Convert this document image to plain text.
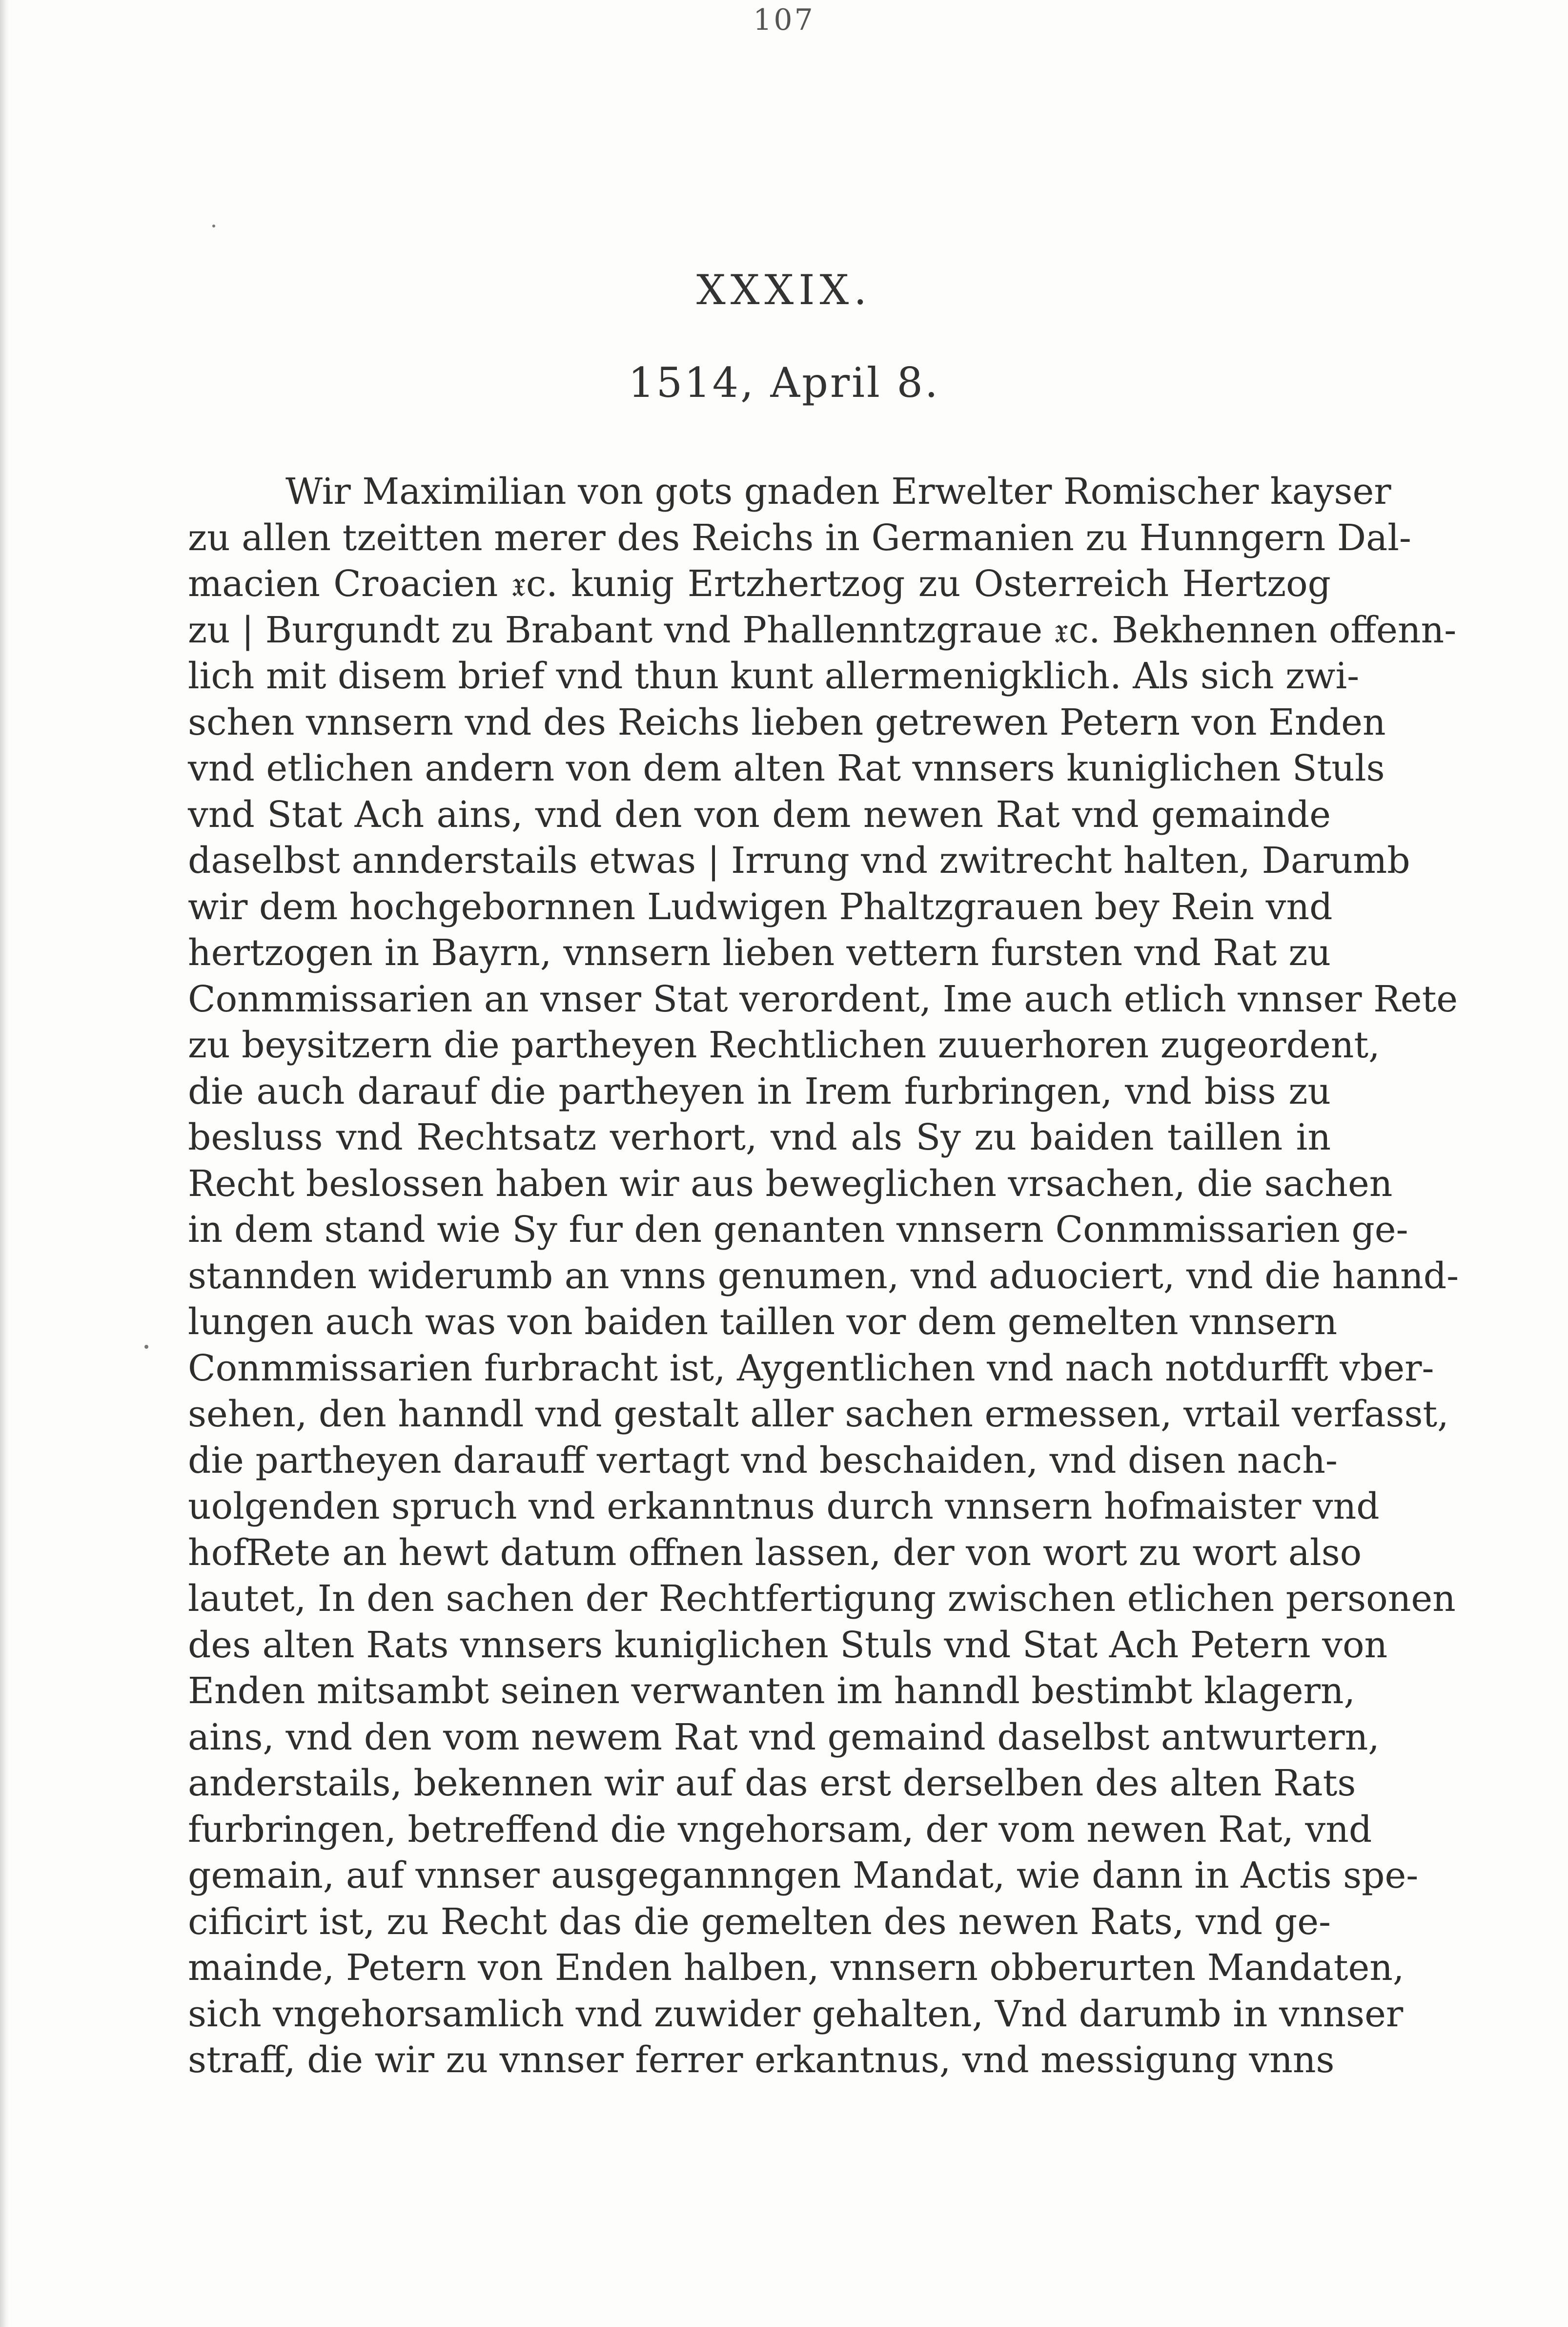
107
XXXIX.
1514, April 8.
Wir Maximilian von gots gnaden Erwelter Romischer kayser
zu allen tzeitten merer des Reichs in Germanien zu Hunngern Dal-
macien Croacien 𝔵c. kunig Ertzhertzog zu Osterreich Hertzog
zu | Burgundt zu Brabant vnd Phallenntzgraue 𝔵c. Bekhennen offenn-
lich mit disem brief vnd thun kunt allermenigklich. Als sich zwi-
schen vnnsern vnd des Reichs lieben getrewen Petern von Enden
vnd etlichen andern von dem alten Rat vnnsers kuniglichen Stuls
vnd Stat Ach ains, vnd den von dem newen Rat vnd gemainde
daselbst annderstails etwas | Irrung vnd zwitrecht halten, Darumb
wir dem hochgebornnen Ludwigen Phaltzgrauen bey Rein vnd
hertzogen in Bayrn, vnnsern lieben vettern fursten vnd Rat zu
Conmmissarien an vnser Stat verordent, Ime auch etlich vnnser Rete
zu beysitzern die partheyen Rechtlichen zuuerhoren zugeordent,
die auch darauf die partheyen in Irem furbringen, vnd biss zu
besluss vnd Rechtsatz verhort, vnd als Sy zu baiden taillen in
Recht beslossen haben wir aus beweglichen vrsachen, die sachen
in dem stand wie Sy fur den genanten vnnsern Conmmissarien ge-
stannden widerumb an vnns genumen, vnd aduociert, vnd die hannd-
lungen auch was von baiden taillen vor dem gemelten vnnsern
Conmmissarien furbracht ist, Aygentlichen vnd nach notdurfft vber-
sehen, den hanndl vnd gestalt aller sachen ermessen, vrtail verfasst,
die partheyen darauff vertagt vnd beschaiden, vnd disen nach-
uolgenden spruch vnd erkanntnus durch vnnsern hofmaister vnd
hofRete an hewt datum offnen lassen, der von wort zu wort also
lautet, In den sachen der Rechtfertigung zwischen etlichen personen
des alten Rats vnnsers kuniglichen Stuls vnd Stat Ach Petern von
Enden mitsambt seinen verwanten im hanndl bestimbt klagern,
ains, vnd den vom newem Rat vnd gemaind daselbst antwurtern,
anderstails, bekennen wir auf das erst derselben des alten Rats
furbringen, betreffend die vngehorsam, der vom newen Rat, vnd
gemain, auf vnnser ausgegannngen Mandat, wie dann in Actis spe-
cificirt ist, zu Recht das die gemelten des newen Rats, vnd ge-
mainde, Petern von Enden halben, vnnsern obberurten Mandaten,
sich vngehorsamlich vnd zuwider gehalten, Vnd darumb in vnnser
straff, die wir zu vnnser ferrer erkantnus, vnd messigung vnns
